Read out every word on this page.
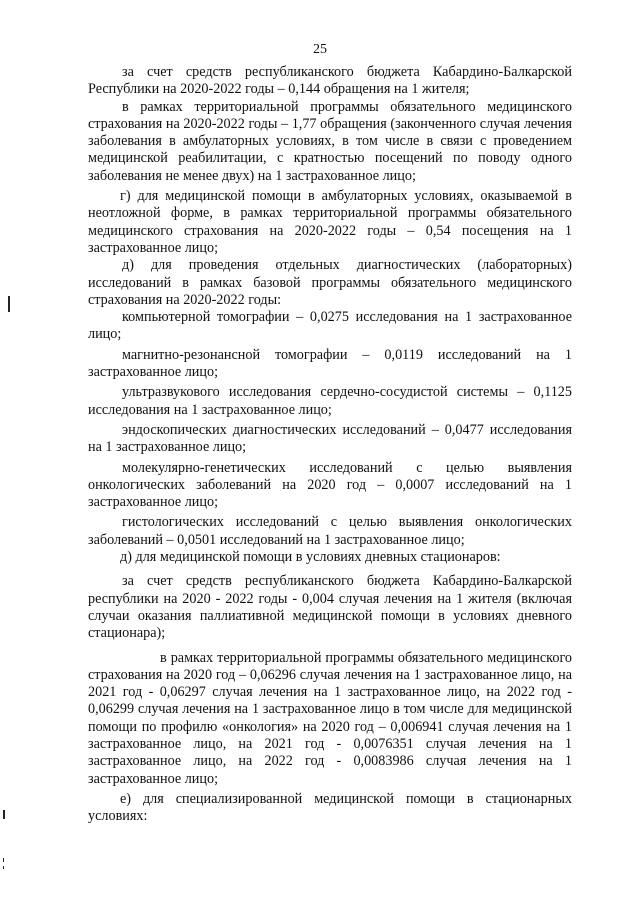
25

за счет средств республиканского бюджета Кабардино-Балкарской Республики на 2020-2022 годы – 0,144 обращения на 1 жителя;

в рамках территориальной программы обязательного медицинского страхования на 2020-2022 годы – 1,77 обращения (законченного случая лечения заболевания в амбулаторных условиях, в том числе в связи с проведением медицинской реабилитации, с кратностью посещений по поводу одного заболевания не менее двух) на 1 застрахованное лицо;

г) для медицинской помощи в амбулаторных условиях, оказываемой в неотложной форме, в рамках территориальной программы обязательного медицинского страхования на 2020-2022 годы – 0,54 посещения на 1 застрахованное лицо;

д) для проведения отдельных диагностических (лабораторных) исследований в рамках базовой программы обязательного медицинского страхования на 2020-2022 годы:

компьютерной томографии – 0,0275 исследования на 1 застрахованное лицо;

магнитно-резонансной томографии – 0,0119 исследований на 1 застрахованное лицо;

ультразвукового исследования сердечно-сосудистой системы – 0,1125 исследования на 1 застрахованное лицо;

эндоскопических диагностических исследований – 0,0477 исследования на 1 застрахованное лицо;

молекулярно-генетических исследований с целью выявления онкологических заболеваний на 2020 год – 0,0007 исследований на 1 застрахованное лицо;

гистологических исследований с целью выявления онкологических заболеваний – 0,0501 исследований на 1 застрахованное лицо;

д) для медицинской помощи в условиях дневных стационаров:

за счет средств республиканского бюджета Кабардино-Балкарской республики на 2020 - 2022 годы - 0,004 случая лечения на 1 жителя (включая случаи оказания паллиативной медицинской помощи в условиях дневного стационара);

в рамках территориальной программы обязательного медицинского страхования на 2020 год – 0,06296 случая лечения на 1 застрахованное лицо, на 2021 год - 0,06297 случая лечения на 1 застрахованное лицо, на 2022 год - 0,06299 случая лечения на 1 застрахованное лицо в том числе для медицинской помощи по профилю «онкология» на 2020 год – 0,006941 случая лечения на 1 застрахованное лицо, на 2021 год - 0,0076351 случая лечения на 1 застрахованное лицо, на 2022 год - 0,0083986 случая лечения на 1 застрахованное лицо;

е) для специализированной медицинской помощи в стационарных условиях:
